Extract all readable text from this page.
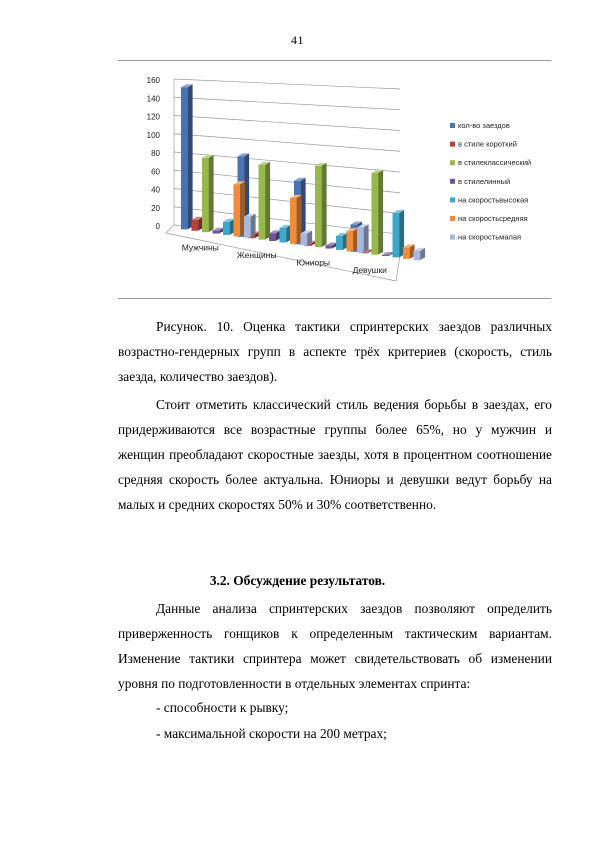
41
0
20
40
60
80
100
120
140
160
Мужчины
Женщины
Юниоры
Девушки
кол-во заездов
в стиле короткий
в стилеклассический
в стилелинный
на скоростьвысокая
на скоростьсредняя
на скоростьмалая

Рисунок. 10. Оценка тактики спринтерских заездов различных возрастно-гендерных групп в аспекте трёх критериев (скорость, стиль заезда, количество заездов).

Стоит отметить классический стиль ведения борьбы в заездах, его придерживаются все возрастные группы более 65%, но у мужчин и женщин преобладают скоростные заезды, хотя в процентном соотношение средняя скорость более актуальна. Юниоры и девушки ведут борьбу на малых и средних скоростях 50% и 30% соответственно.

3.2. Обсуждение результатов.

Данные анализа спринтерских заездов позволяют определить приверженность гонщиков к определенным тактическим вариантам. Изменение тактики спринтера может свидетельствовать об изменении уровня по подготовленности в отдельных элементах спринта:

- способности к рывку;

- максимальной скорости на 200 метрах;
